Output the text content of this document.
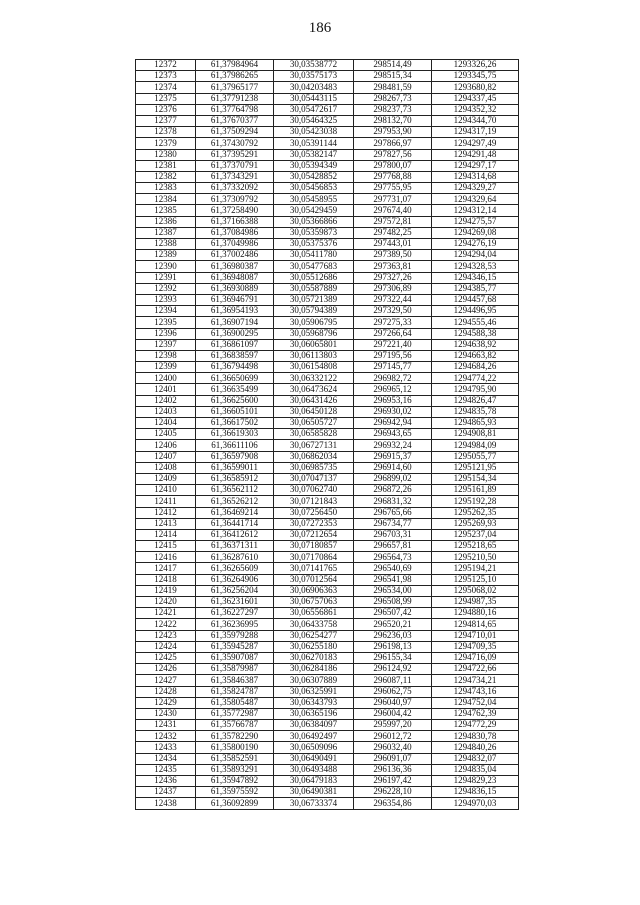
186
12372	61,37984964	30,03538772	298514,49	1293326,26
12373	61,37986265	30,03575173	298515,34	1293345,75
12374	61,37965177	30,04203483	298481,59	1293680,82
12375	61,37791238	30,05443115	298267,73	1294337,45
12376	61,37764798	30,05472617	298237,73	1294352,32
12377	61,37670377	30,05464325	298132,70	1294344,70
12378	61,37509294	30,05423038	297953,90	1294317,19
12379	61,37430792	30,05391144	297866,97	1294297,49
12380	61,37395291	30,05382147	297827,56	1294291,48
12381	61,37370791	30,05394349	297800,07	1294297,17
12382	61,37343291	30,05428852	297768,88	1294314,68
12383	61,37332092	30,05456853	297755,95	1294329,27
12384	61,37309792	30,05458955	297731,07	1294329,64
12385	61,37258490	30,05429459	297674,40	1294312,14
12386	61,37166388	30,05366866	297572,81	1294275,57
12387	61,37084986	30,05359873	297482,25	1294269,08
12388	61,37049986	30,05375376	297443,01	1294276,19
12389	61,37002486	30,05411780	297389,50	1294294,04
12390	61,36980387	30,05477683	297363,81	1294328,53
12391	61,36948087	30,05512686	297327,26	1294346,15
12392	61,36930889	30,05587889	297306,89	1294385,77
12393	61,36946791	30,05721389	297322,44	1294457,68
12394	61,36954193	30,05794389	297329,50	1294496,95
12395	61,36907194	30,05906795	297275,33	1294555,46
12396	61,36900295	30,05968796	297266,64	1294588,38
12397	61,36861097	30,06065801	297221,40	1294638,92
12398	61,36838597	30,06113803	297195,56	1294663,82
12399	61,36794498	30,06154808	297145,77	1294684,26
12400	61,36650699	30,06332122	296982,72	1294774,22
12401	61,36635499	30,06473624	296965,12	1294795,90
12402	61,36625600	30,06431426	296953,16	1294826,47
12403	61,36605101	30,06450128	296930,02	1294835,78
12404	61,36617502	30,06505727	296942,94	1294865,93
12405	61,36619303	30,06585828	296943,65	1294908,81
12406	61,36611106	30,06727131	296932,24	1294984,09
12407	61,36597908	30,06862034	296915,37	1295055,77
12408	61,36599011	30,06985735	296914,60	1295121,95
12409	61,36585912	30,07047137	296899,02	1295154,34
12410	61,36562112	30,07062740	296872,26	1295161,89
12411	61,36526212	30,07121843	296831,32	1295192,28
12412	61,36469214	30,07256450	296765,66	1295262,35
12413	61,36441714	30,07272353	296734,77	1295269,93
12414	61,36412612	30,07212654	296703,31	1295237,04
12415	61,36371311	30,07180857	296657,81	1295218,65
12416	61,36287610	30,07170864	296564,73	1295210,50
12417	61,36265609	30,07141765	296540,69	1295194,21
12418	61,36264906	30,07012564	296541,98	1295125,10
12419	61,36256204	30,06906363	296534,00	1295068,02
12420	61,36231601	30,06757063	296508,99	1294987,35
12421	61,36227297	30,06556861	296507,42	1294880,16
12422	61,36236995	30,06433758	296520,21	1294814,65
12423	61,35979288	30,06254277	296236,03	1294710,01
12424	61,35945287	30,06255180	296198,13	1294709,35
12425	61,35907087	30,06270183	296155,34	1294716,09
12426	61,35879987	30,06284186	296124,92	1294722,66
12427	61,35846387	30,06307889	296087,11	1294734,21
12428	61,35824787	30,06325991	296062,75	1294743,16
12429	61,35805487	30,06343793	296040,97	1294752,04
12430	61,35772987	30,06365196	296004,42	1294762,39
12431	61,35766787	30,06384097	295997,20	1294772,29
12432	61,35782290	30,06492497	296012,72	1294830,78
12433	61,35800190	30,06509096	296032,40	1294840,26
12434	61,35852591	30,06490491	296091,07	1294832,07
12435	61,35893291	30,06493488	296136,36	1294835,04
12436	61,35947892	30,06479183	296197,42	1294829,23
12437	61,35975592	30,06490381	296228,10	1294836,15
12438	61,36092899	30,06733374	296354,86	1294970,03
